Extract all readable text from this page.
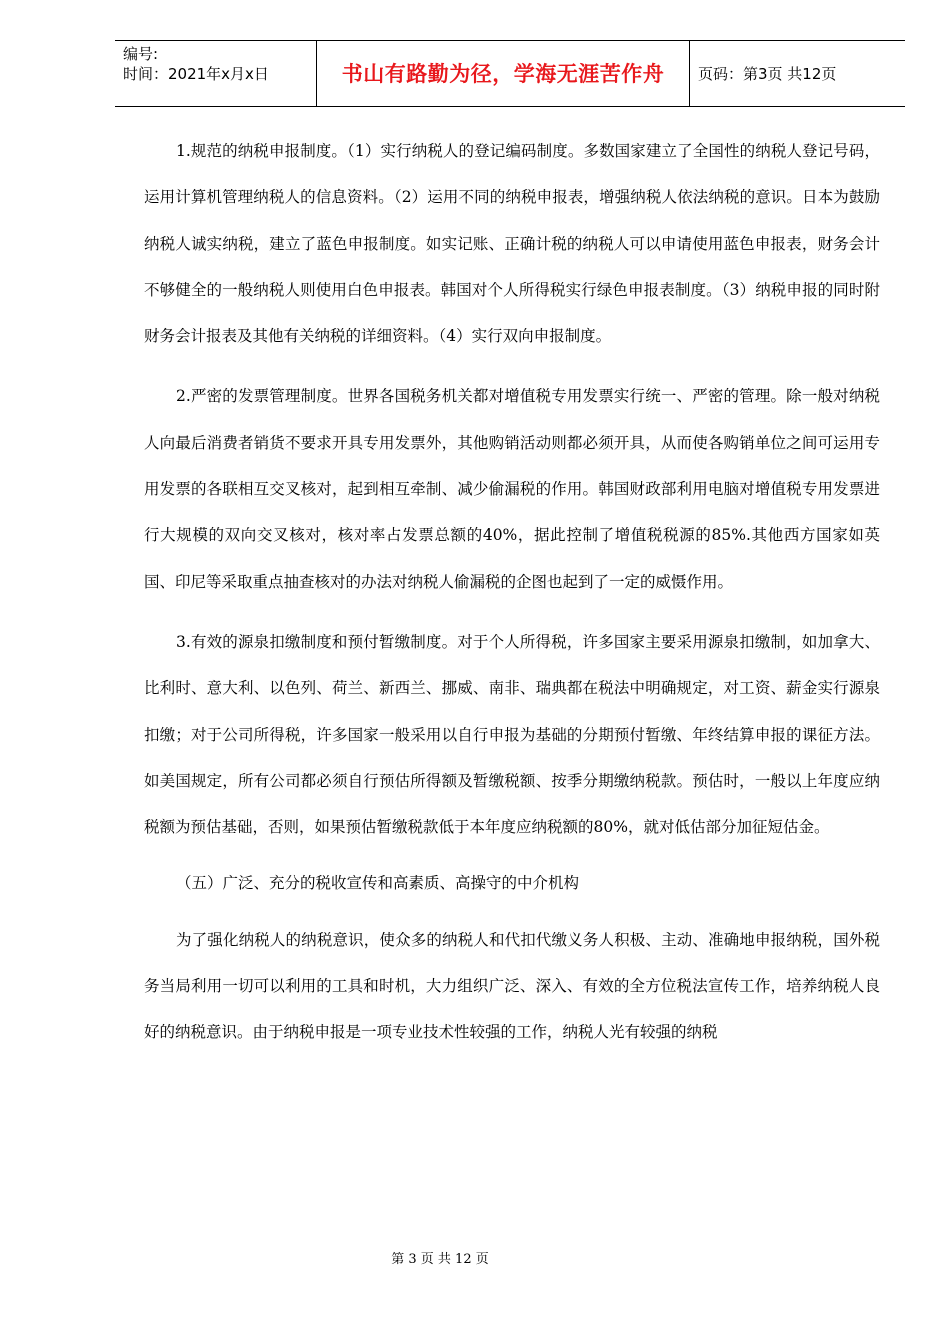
编号:
时间：2021年x月x日	书山有路勤为径，学海无涯苦作舟	页码：第3页 共12页

1.规范的纳税申报制度。（1）实行纳税人的登记编码制度。多数国家建立了全国性的纳税人登记号码，运用计算机管理纳税人的信息资料。（2）运用不同的纳税申报表，增强纳税人依法纳税的意识。日本为鼓励纳税人诚实纳税，建立了蓝色申报制度。如实记账、正确计税的纳税人可以申请使用蓝色申报表，财务会计不够健全的一般纳税人则使用白色申报表。韩国对个人所得税实行绿色申报表制度。（3）纳税申报的同时附财务会计报表及其他有关纳税的详细资料。（4）实行双向申报制度。

2.严密的发票管理制度。世界各国税务机关都对增值税专用发票实行统一、严密的管理。除一般对纳税人向最后消费者销货不要求开具专用发票外，其他购销活动则都必须开具，从而使各购销单位之间可运用专用发票的各联相互交叉核对，起到相互牵制、减少偷漏税的作用。韩国财政部利用电脑对增值税专用发票进行大规模的双向交叉核对，核对率占发票总额的40%，据此控制了增值税税源的85%.其他西方国家如英国、印尼等采取重点抽查核对的办法对纳税人偷漏税的企图也起到了一定的威慑作用。

3.有效的源泉扣缴制度和预付暂缴制度。对于个人所得税，许多国家主要采用源泉扣缴制，如加拿大、比利时、意大利、以色列、荷兰、新西兰、挪威、南非、瑞典都在税法中明确规定，对工资、薪金实行源泉扣缴；对于公司所得税，许多国家一般采用以自行申报为基础的分期预付暂缴、年终结算申报的课征方法。如美国规定，所有公司都必须自行预估所得额及暂缴税额、按季分期缴纳税款。预估时，一般以上年度应纳税额为预估基础，否则，如果预估暂缴税款低于本年度应纳税额的80%，就对低估部分加征短估金。

（五）广泛、充分的税收宣传和高素质、高操守的中介机构

为了强化纳税人的纳税意识，使众多的纳税人和代扣代缴义务人积极、主动、准确地申报纳税，国外税务当局利用一切可以利用的工具和时机，大力组织广泛、深入、有效的全方位税法宣传工作，培养纳税人良好的纳税意识。由于纳税申报是一项专业技术性较强的工作，纳税人光有较强的纳税

第 3 页 共 12 页
